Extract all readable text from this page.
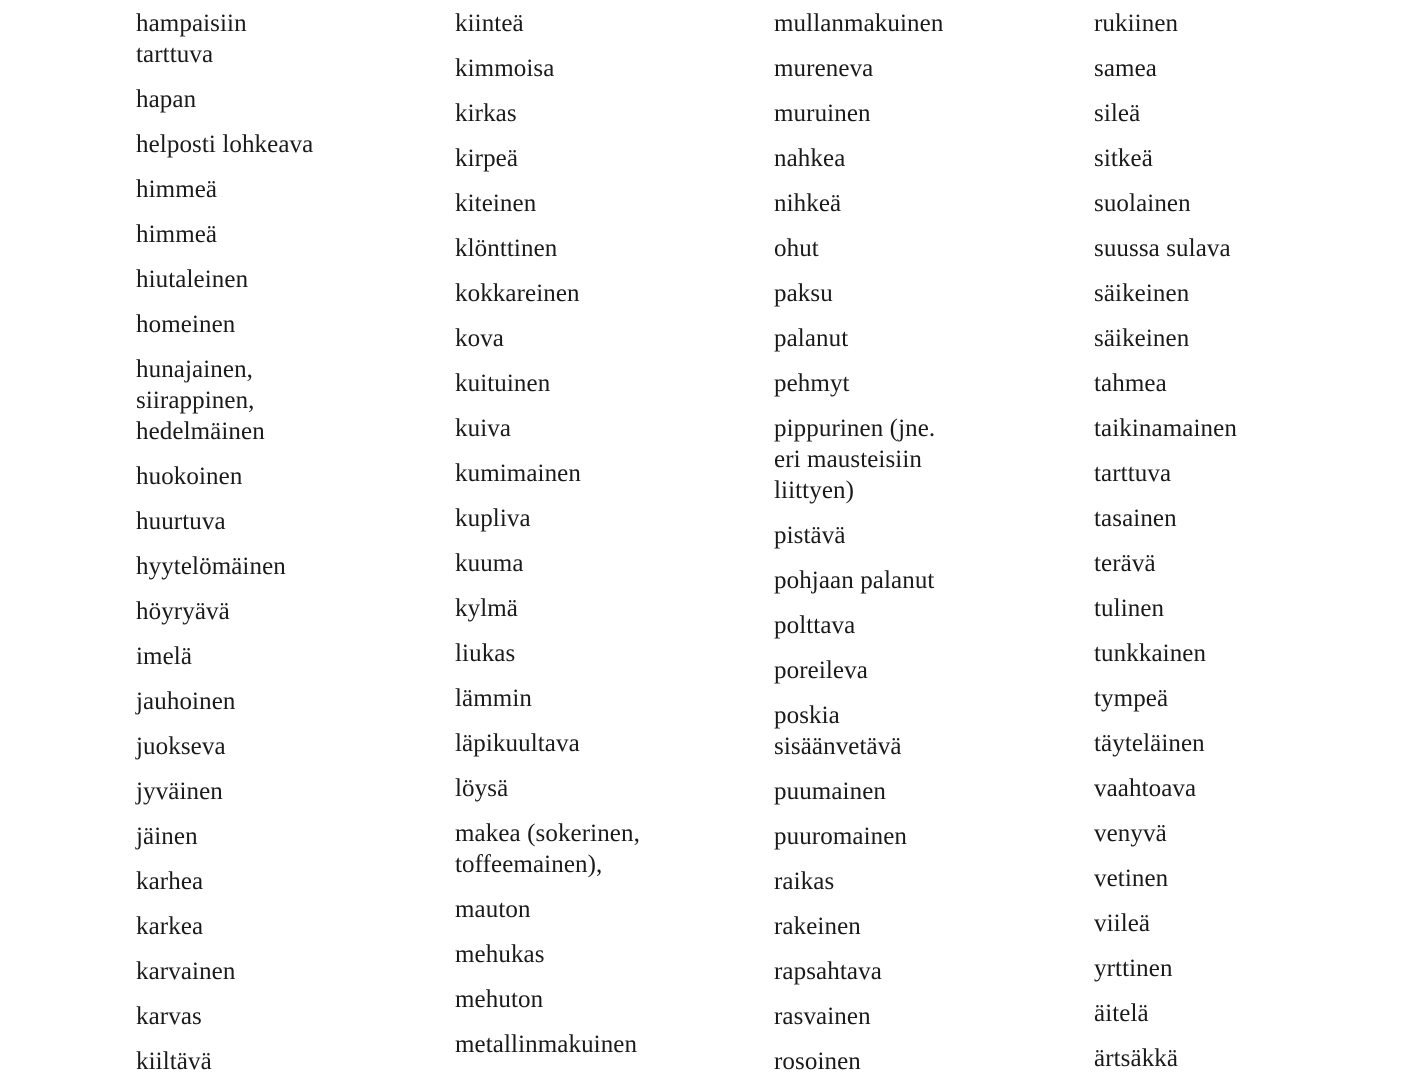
hampaisiin
tarttuva
hapan
helposti lohkeava
himmeä
himmeä
hiutaleinen
homeinen
hunajainen,
siirappinen,
hedelmäinen
huokoinen
huurtuva
hyytelömäinen
höyryävä
imelä
jauhoinen
juokseva
jyväinen
jäinen
karhea
karkea
karvainen
karvas
kiiltävä
kiinteä
kimmoisa
kirkas
kirpeä
kiteinen
klönttinen
kokkareinen
kova
kuituinen
kuiva
kumimainen
kupliva
kuuma
kylmä
liukas
lämmin
läpikuultava
löysä
makea (sokerinen,
toffeemainen),
mauton
mehukas
mehuton
metallinmakuinen
mullanmakuinen
mureneva
muruinen
nahkea
nihkeä
ohut
paksu
palanut
pehmyt
pippurinen (jne.
eri mausteisiin
liittyen)
pistävä
pohjaan palanut
polttava
poreileva
poskia
sisäänvetävä
puumainen
puuromainen
raikas
rakeinen
rapsahtava
rasvainen
rosoinen
rukiinen
samea
sileä
sitkeä
suolainen
suussa sulava
säikeinen
säikeinen
tahmea
taikinamainen
tarttuva
tasainen
terävä
tulinen
tunkkainen
tympeä
täyteläinen
vaahtoava
venyvä
vetinen
viileä
yrttinen
äitelä
ärtsäkkä
